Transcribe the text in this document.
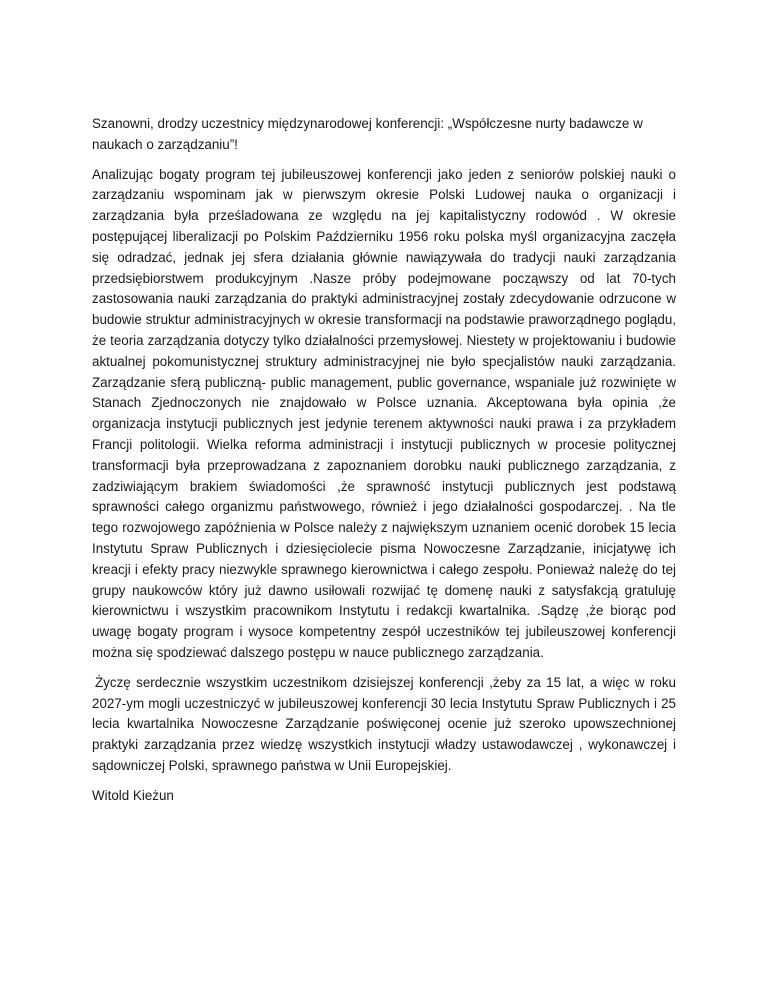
Szanowni, drodzy uczestnicy międzynarodowej konferencji: „Współczesne nurty badawcze w naukach o zarządzaniu”!

Analizując bogaty program tej jubileuszowej konferencji jako jeden z seniorów polskiej nauki o zarządzaniu wspominam jak w pierwszym okresie Polski Ludowej nauka o organizacji i zarządzania była prześladowana ze względu na jej kapitalistyczny rodowód . W okresie postępującej liberalizacji po Polskim Październiku 1956 roku polska myśl organizacyjna zaczęła się odradzać, jednak jej sfera działania głównie nawiązywała do tradycji nauki zarządzania przedsiębiorstwem produkcyjnym .Nasze próby podejmowane począwszy od lat 70-tych zastosowania nauki zarządzania do praktyki administracyjnej zostały zdecydowanie odrzucone w budowie struktur administracyjnych w okresie transformacji na podstawie praworządnego poglądu, że teoria zarządzania dotyczy tylko działalności przemysłowej. Niestety w projektowaniu i budowie aktualnej pokomunistycznej struktury administracyjnej nie było specjalistów nauki zarządzania. Zarządzanie sferą publiczną- public management, public governance, wspaniale już rozwinięte w Stanach Zjednoczonych nie znajdowało w Polsce uznania. Akceptowana była opinia ,że organizacja instytucji publicznych jest jedynie terenem aktywności nauki prawa i za przykładem Francji politologii. Wielka reforma administracji i instytucji publicznych w procesie politycznej transformacji była przeprowadzana z zapoznaniem dorobku nauki publicznego zarządzania, z zadziwiającym brakiem świadomości ,że sprawność instytucji publicznych jest podstawą sprawności całego organizmu państwowego, również i jego działalności gospodarczej. . Na tle tego rozwojowego zapóźnienia w Polsce należy z największym uznaniem ocenić dorobek 15 lecia Instytutu Spraw Publicznych i dziesięciolecie pisma Nowoczesne Zarządzanie, inicjatywę ich kreacji i efekty pracy niezwykle sprawnego kierownictwa i całego zespołu. Ponieważ należę do tej grupy naukowców który już dawno usiłowali rozwijać tę domenę nauki z satysfakcją gratuluję kierownictwu i wszystkim pracownikom Instytutu i redakcji kwartalnika. .Sądzę ,że biorąc pod uwagę bogaty program i wysoce kompetentny zespół uczestników tej jubileuszowej konferencji można się spodziewać dalszego postępu w nauce publicznego zarządzania.

Życzę serdecznie wszystkim uczestnikom dzisiejszej konferencji ,żeby za 15 lat, a więc w roku 2027-ym mogli uczestniczyć w jubileuszowej konferencji 30 lecia Instytutu Spraw Publicznych i 25 lecia kwartalnika Nowoczesne Zarządzanie poświęconej ocenie już szeroko upowszechnionej praktyki zarządzania przez wiedzę wszystkich instytucji władzy ustawodawczej , wykonawczej i sądowniczej Polski, sprawnego państwa w Unii Europejskiej.

Witold Kieżun
